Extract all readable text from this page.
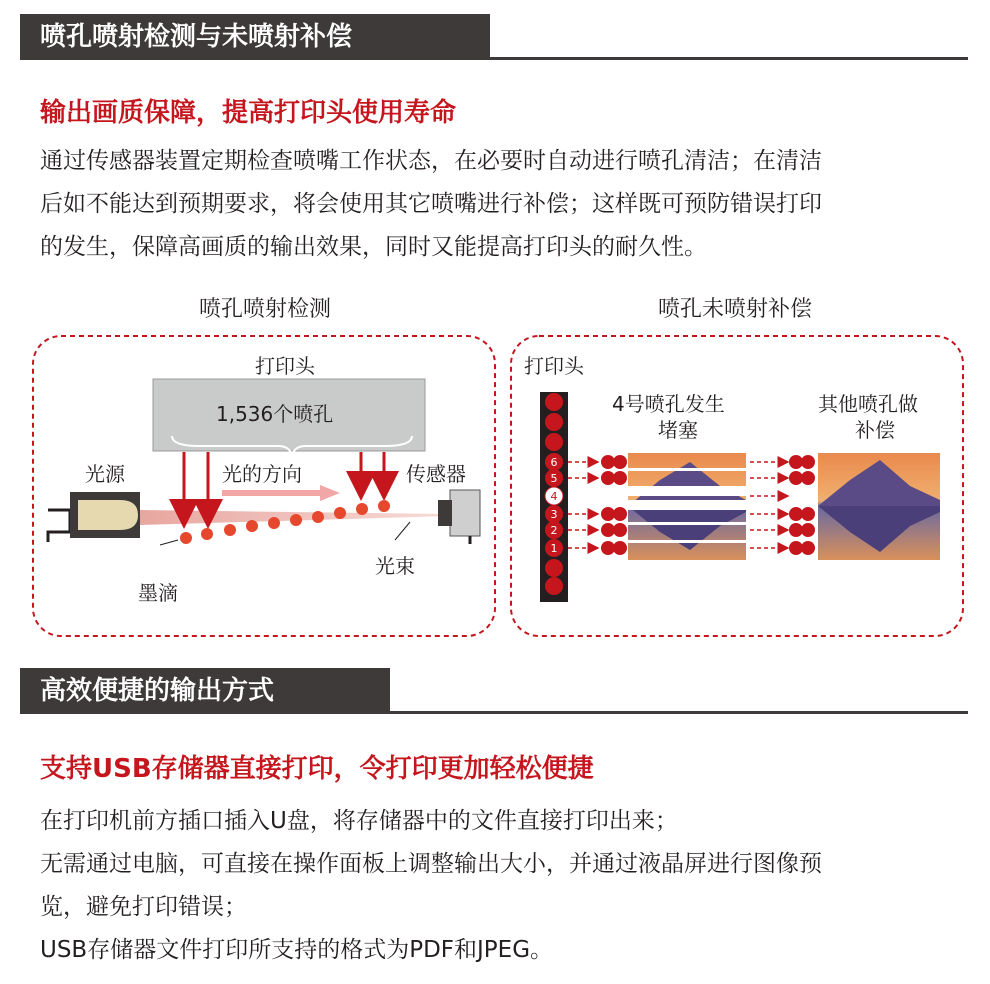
喷孔喷射检测与未喷射补偿
输出画质保障，提高打印头使用寿命
通过传感器装置定期检查喷嘴工作状态，在必要时自动进行喷孔清洁；在清洁
后如不能达到预期要求，将会使用其它喷嘴进行补偿；这样既可预防错误打印
的发生，保障高画质的输出效果，同时又能提高打印头的耐久性。
6
5
4
3
2
1
喷孔喷射检测
打印头
1,536个喷孔
光源	光的方向	传感器
光束
墨滴
喷孔未喷射补偿
打印头
4号喷孔发生
堵塞
其他喷孔做
补偿
高效便捷的输出方式
支持USB存储器直接打印，令打印更加轻松便捷
在打印机前方插口插入U盘，将存储器中的文件直接打印出来；
无需通过电脑，可直接在操作面板上调整输出大小，并通过液晶屏进行图像预
览，避免打印错误；
USB存储器文件打印所支持的格式为PDF和JPEG。
